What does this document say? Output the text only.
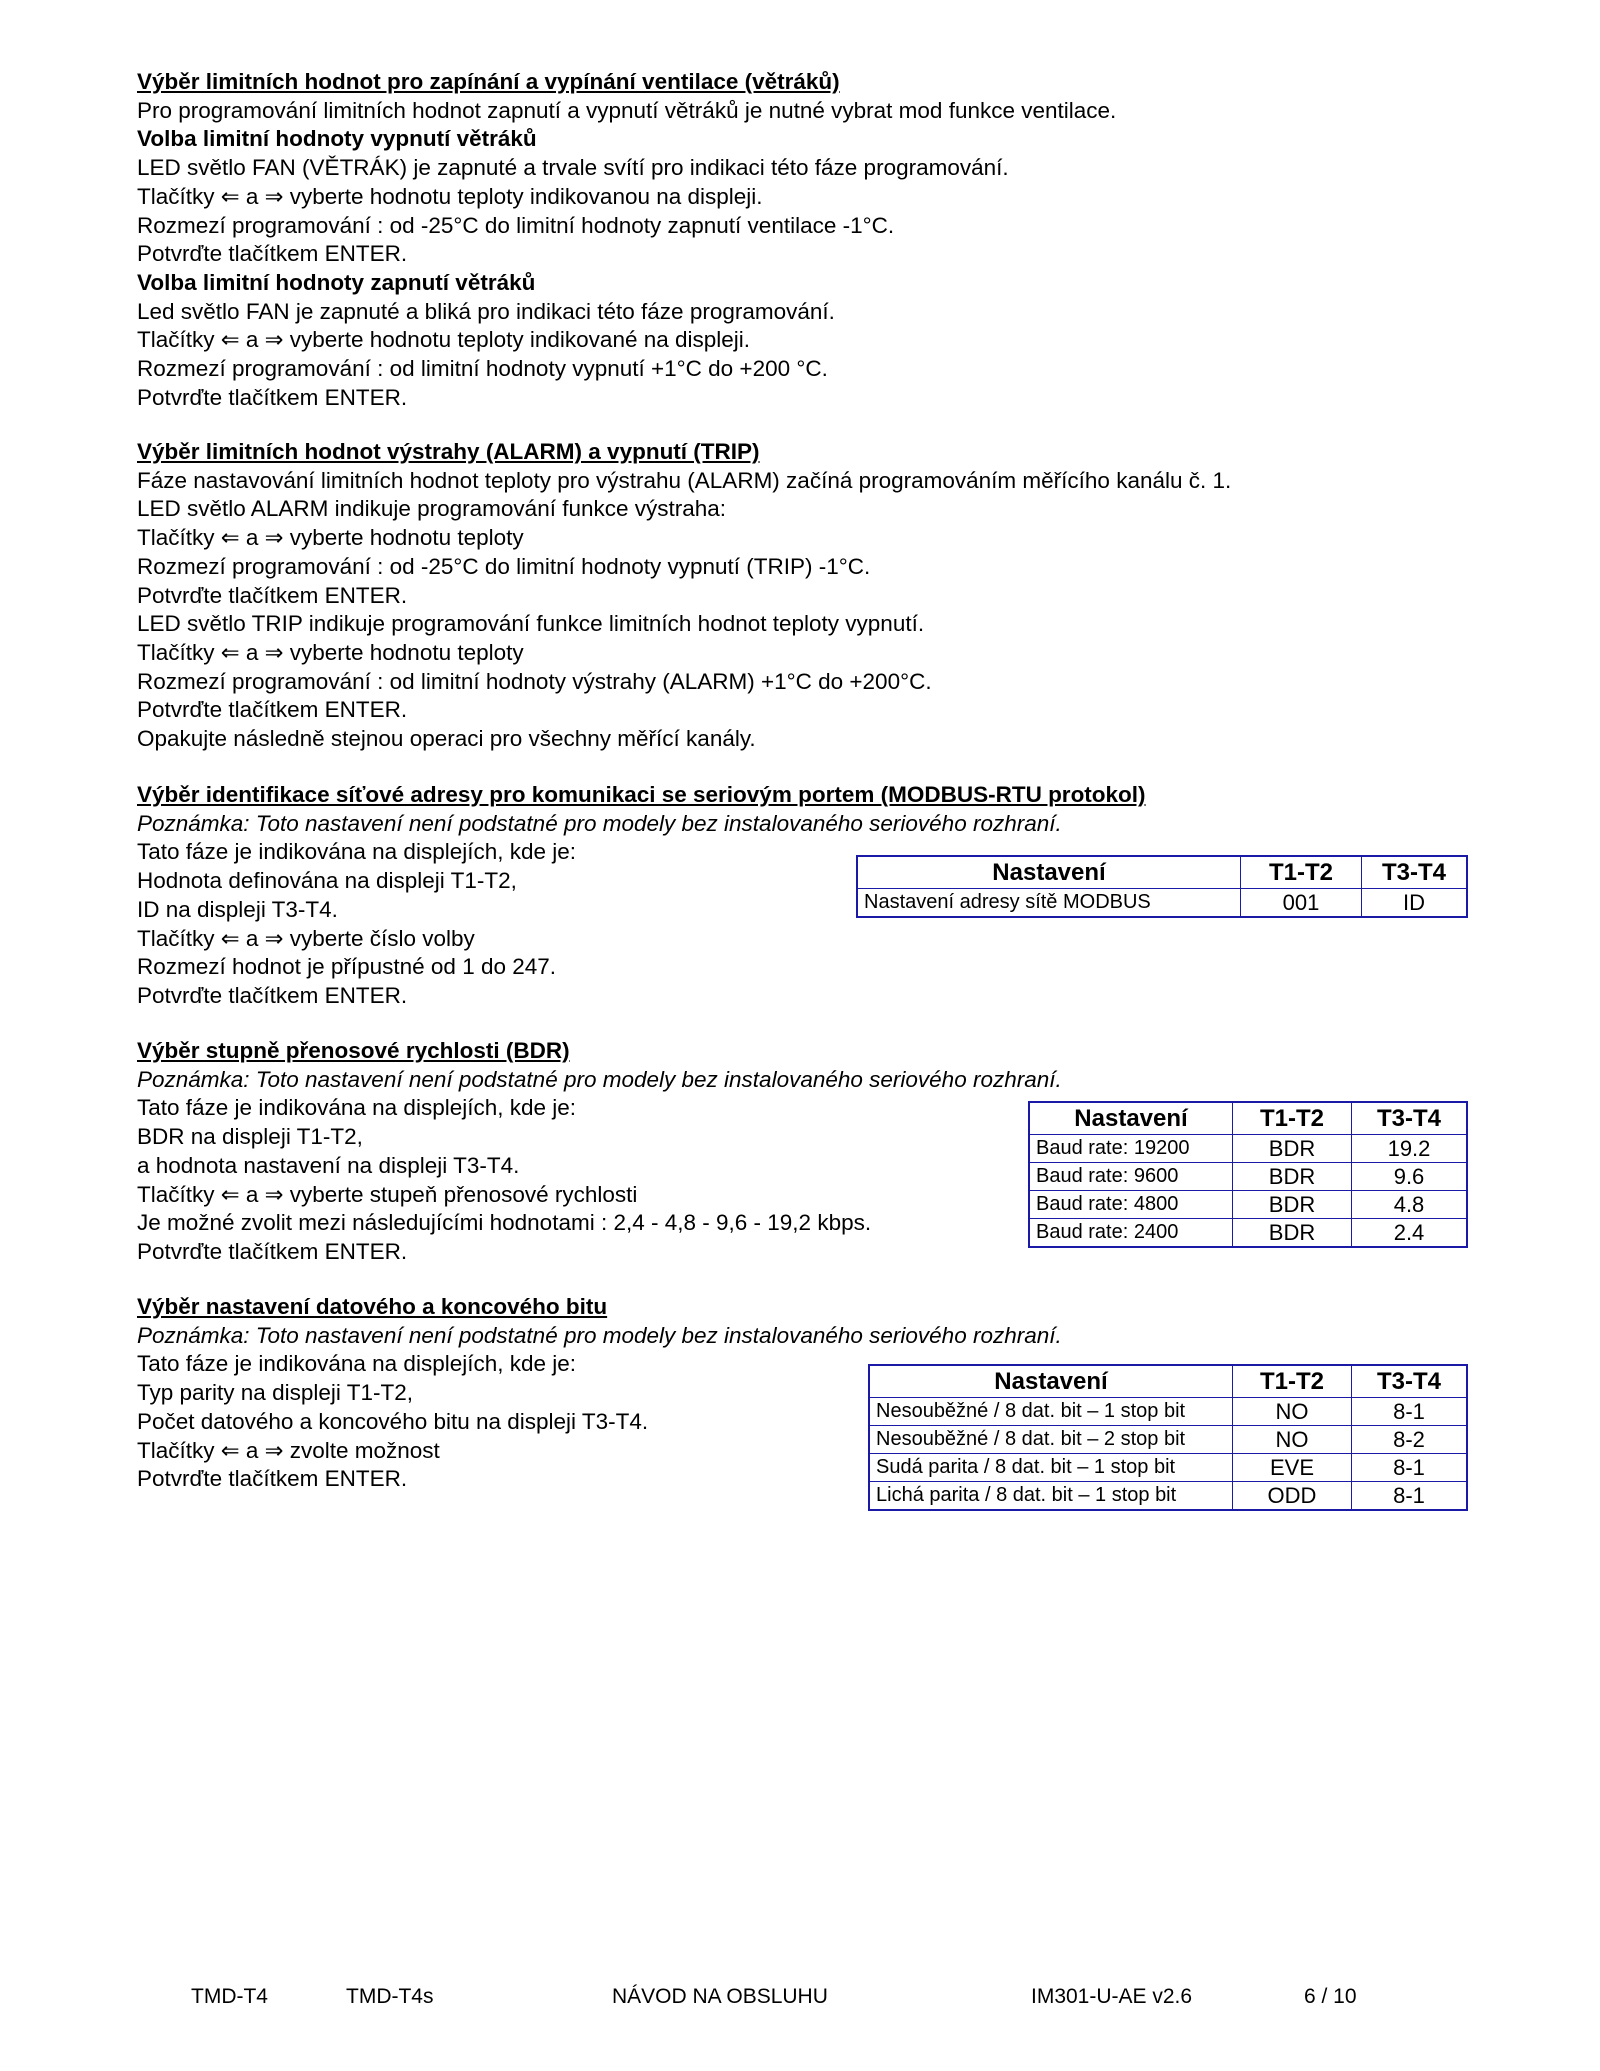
Výběr limitních hodnot pro zapínání a vypínání ventilace (větráků)
Pro programování limitních hodnot zapnutí a vypnutí větráků je nutné vybrat mod funkce ventilace.
Volba limitní hodnoty vypnutí větráků
LED světlo FAN (VĚTRÁK) je zapnuté a trvale svítí pro indikaci této fáze programování.
Tlačítky ⇐ a ⇒ vyberte hodnotu teploty indikovanou na displeji.
Rozmezí programování : od -25°C do limitní hodnoty zapnutí ventilace -1°C.
Potvrďte tlačítkem ENTER.
Volba limitní hodnoty zapnutí větráků
Led světlo FAN je zapnuté a bliká pro indikaci této fáze programování.
Tlačítky ⇐ a ⇒ vyberte hodnotu teploty indikované na displeji.
Rozmezí programování : od limitní hodnoty vypnutí +1°C do +200 °C.
Potvrďte tlačítkem ENTER.
Výběr limitních hodnot výstrahy (ALARM) a vypnutí (TRIP)
Fáze nastavování limitních hodnot teploty pro výstrahu (ALARM) začíná programováním měřícího kanálu č. 1.
LED světlo ALARM indikuje programování funkce výstraha:
Tlačítky ⇐ a ⇒ vyberte hodnotu teploty
Rozmezí programování : od -25°C do limitní hodnoty vypnutí (TRIP) -1°C.
Potvrďte tlačítkem ENTER.
LED světlo TRIP indikuje programování funkce limitních hodnot teploty vypnutí.
Tlačítky ⇐ a ⇒ vyberte hodnotu teploty
Rozmezí programování : od limitní hodnoty výstrahy (ALARM) +1°C do +200°C.
Potvrďte tlačítkem ENTER.
Opakujte následně stejnou operaci pro všechny měřící kanály.
Výběr identifikace síťové adresy pro komunikaci se seriovým portem (MODBUS-RTU protokol)
Poznámka: Toto nastavení není podstatné pro modely bez instalovaného seriového rozhraní.
Tato fáze je indikována na displejích, kde je:
Hodnota definována na displeji T1-T2,
ID na displeji T3-T4.
Tlačítky ⇐ a ⇒ vyberte číslo volby
Rozmezí hodnot je přípustné od 1 do 247.
Potvrďte tlačítkem ENTER.
Nastavení	T1-T2	T3-T4
Nastavení adresy sítě MODBUS	001	ID
Výběr stupně přenosové rychlosti (BDR)
Poznámka: Toto nastavení není podstatné pro modely bez instalovaného seriového rozhraní.
Tato fáze je indikována na displejích, kde je:
BDR na displeji T1-T2,
a hodnota nastavení na displeji T3-T4.
Tlačítky ⇐ a ⇒ vyberte stupeň přenosové rychlosti
Je možné zvolit mezi následujícími hodnotami : 2,4 - 4,8 - 9,6 - 19,2 kbps.
Potvrďte tlačítkem ENTER.
Nastavení	T1-T2	T3-T4
Baud rate: 19200	BDR	19.2
Baud rate: 9600	BDR	9.6
Baud rate: 4800	BDR	4.8
Baud rate: 2400	BDR	2.4
Výběr nastavení datového a koncového bitu
Poznámka: Toto nastavení není podstatné pro modely bez instalovaného seriového rozhraní.
Tato fáze je indikována na displejích, kde je:
Typ parity na displeji T1-T2,
Počet datového a koncového bitu na displeji T3-T4.
Tlačítky ⇐ a ⇒ zvolte možnost
Potvrďte tlačítkem ENTER.
Nastavení	T1-T2	T3-T4
Nesouběžné / 8 dat. bit – 1 stop bit	NO	8-1
Nesouběžné / 8 dat. bit – 2 stop bit	NO	8-2
Sudá parita / 8 dat. bit – 1 stop bit	EVE	8-1
Lichá parita / 8 dat. bit – 1 stop bit	ODD	8-1
TMD-T4	TMD-T4s	NÁVOD NA OBSLUHU	IM301-U-AE v2.6	6 / 10
